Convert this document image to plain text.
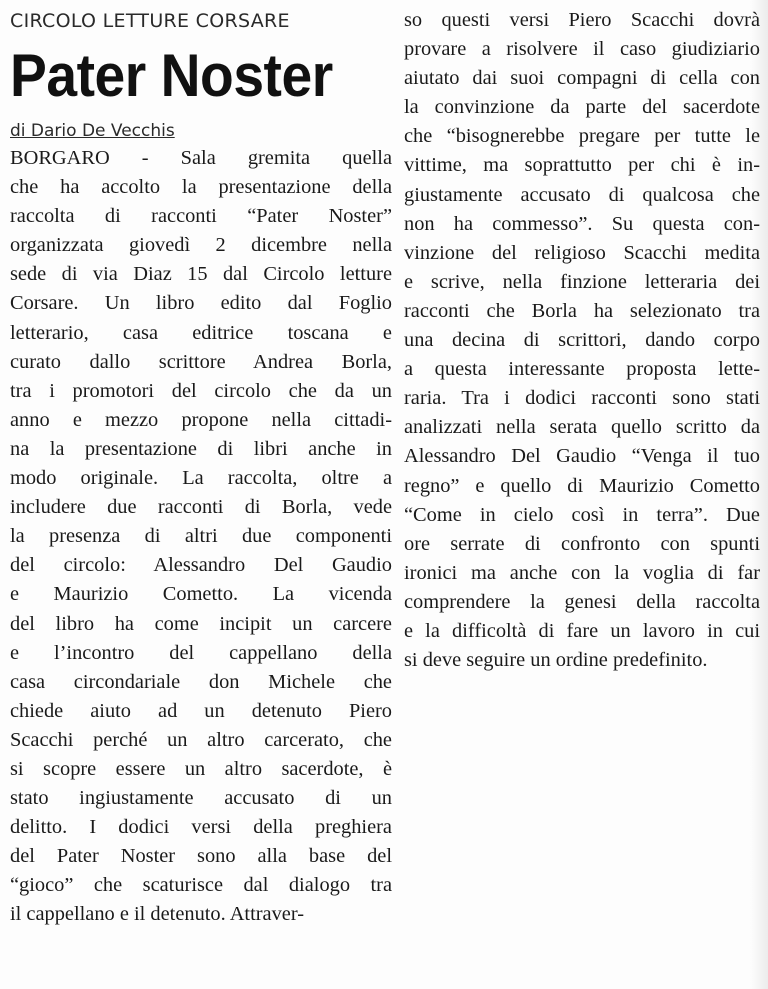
CIRCOLO LETTURE CORSARE
Pater Noster
di Dario De Vecchis
BORGARO - Sala gremita quella
che ha accolto la presentazione della
raccolta di racconti “Pater Noster”
organizzata giovedì 2 dicembre nella
sede di via Diaz 15 dal Circolo letture
Corsare. Un libro edito dal Foglio
letterario, casa editrice toscana e
curato dallo scrittore Andrea Borla,
tra i promotori del circolo che da un
anno e mezzo propone nella cittadi-
na la presentazione di libri anche in
modo originale. La raccolta, oltre a
includere due racconti di Borla, vede
la presenza di altri due componenti
del circolo: Alessandro Del Gaudio
e Maurizio Cometto. La vicenda
del libro ha come incipit un carcere
e l’incontro del cappellano della
casa circondariale don Michele che
chiede aiuto ad un detenuto Piero
Scacchi perché un altro carcerato, che
si scopre essere un altro sacerdote, è
stato ingiustamente accusato di un
delitto. I dodici versi della preghiera
del Pater Noster sono alla base del
“gioco” che scaturisce dal dialogo tra
il cappellano e il detenuto. Attraver-
so questi versi Piero Scacchi dovrà
provare a risolvere il caso giudiziario
aiutato dai suoi compagni di cella con
la convinzione da parte del sacerdote
che “bisognerebbe pregare per tutte le
vittime, ma soprattutto per chi è in-
giustamente accusato di qualcosa che
non ha commesso”. Su questa con-
vinzione del religioso Scacchi medita
e scrive, nella finzione letteraria dei
racconti che Borla ha selezionato tra
una decina di scrittori, dando corpo
a questa interessante proposta lette-
raria. Tra i dodici racconti sono stati
analizzati nella serata quello scritto da
Alessandro Del Gaudio “Venga il tuo
regno” e quello di Maurizio Cometto
“Come in cielo così in terra”. Due
ore serrate di confronto con spunti
ironici ma anche con la voglia di far
comprendere la genesi della raccolta
e la difficoltà di fare un lavoro in cui
si deve seguire un ordine predefinito.
